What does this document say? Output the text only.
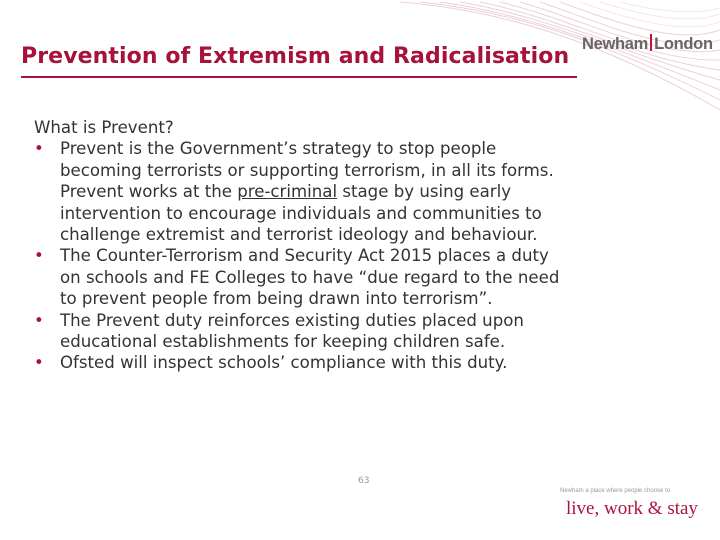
Prevention of Extremism and Radicalisation Newham London

What is Prevent?

• Prevent is the Government’s strategy to stop people becoming terrorists or supporting terrorism, in all its forms. Prevent works at the pre-criminal stage by using early intervention to encourage individuals and communities to challenge extremist and terrorist ideology and behaviour.
• The Counter-Terrorism and Security Act 2015 places a duty on schools and FE Colleges to have “due regard to the need to prevent people from being drawn into terrorism”.
• The Prevent duty reinforces existing duties placed upon educational establishments for keeping children safe.
• Ofsted will inspect schools’ compliance with this duty.
63
Newham a place where people choose to
live, work & stay
